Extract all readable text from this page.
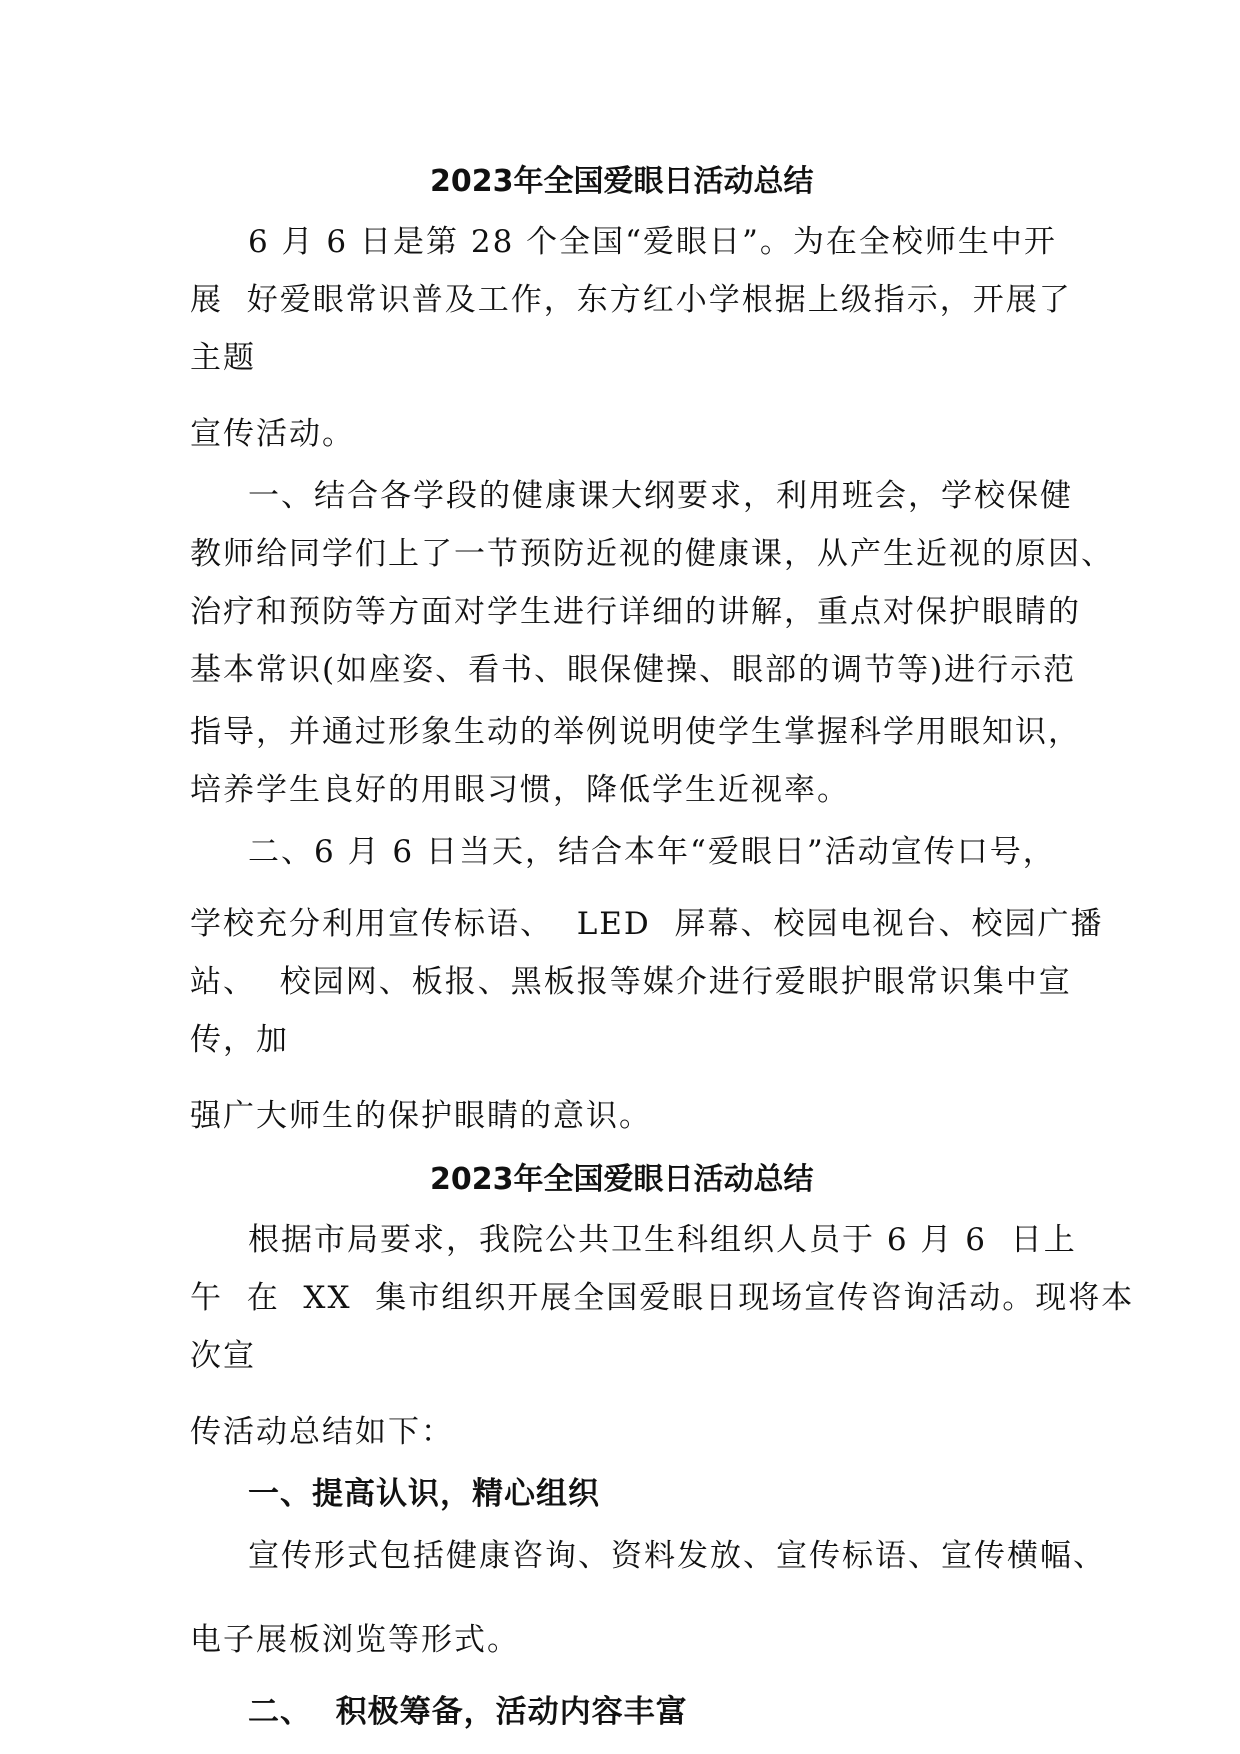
2023年全国爱眼日活动总结
6 月 6 日是第 28 个全国“爱眼日”。为在全校师生中开
展  好爱眼常识普及工作，东方红小学根据上级指示，开展了
主题
宣传活动。
一、结合各学段的健康课大纲要求，利用班会，学校保健
教师给同学们上了一节预防近视的健康课，从产生近视的原因、
治疗和预防等方面对学生进行详细的讲解，重点对保护眼睛的
基本常识(如座姿、看书、眼保健操、眼部的调节等)进行示范
指导，并通过形象生动的举例说明使学生掌握科学用眼知识，
培养学生良好的用眼习惯，降低学生近视率。
二、6 月 6 日当天，结合本年“爱眼日”活动宣传口号，
学校充分利用宣传标语、  LED  屏幕、校园电视台、校园广播
站、  校园网、板报、黑板报等媒介进行爱眼护眼常识集中宣
传，加
强广大师生的保护眼睛的意识。
2023年全国爱眼日活动总结
根据市局要求，我院公共卫生科组织人员于 6 月 6  日上
午  在  XX  集市组织开展全国爱眼日现场宣传咨询活动。现将本
次宣
传活动总结如下：
一、提高认识，精心组织
宣传形式包括健康咨询、资料发放、宣传标语、宣传横幅、
电子展板浏览等形式。
二、  积极筹备，活动内容丰富
